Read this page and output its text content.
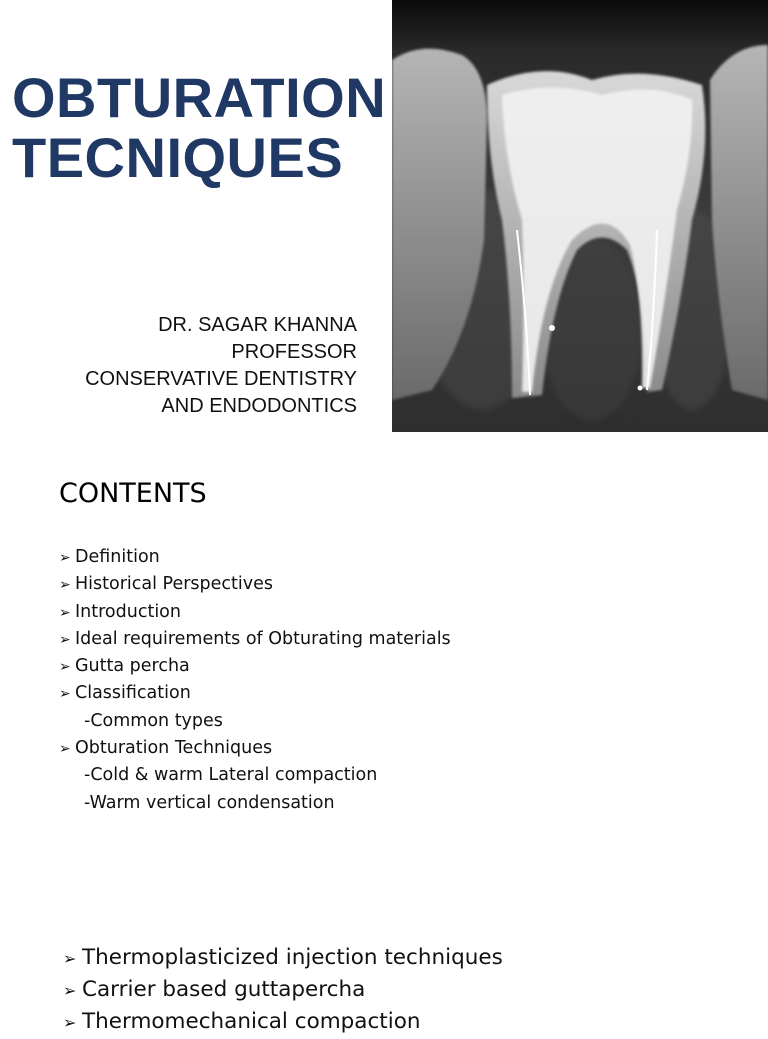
OBTURATION
TECNIQUES
DR. SAGAR KHANNA
PROFESSOR
CONSERVATIVE DENTISTRY
AND ENDODONTICS
CONTENTS
➢ Definition
➢ Historical Perspectives
➢ Introduction
➢ Ideal requirements of Obturating materials
➢ Gutta percha
➢ Classification
-Common types
➢ Obturation Techniques
-Cold & warm Lateral compaction
-Warm vertical condensation
➢ Thermoplasticized injection techniques
➢ Carrier based guttapercha
➢ Thermomechanical compaction
